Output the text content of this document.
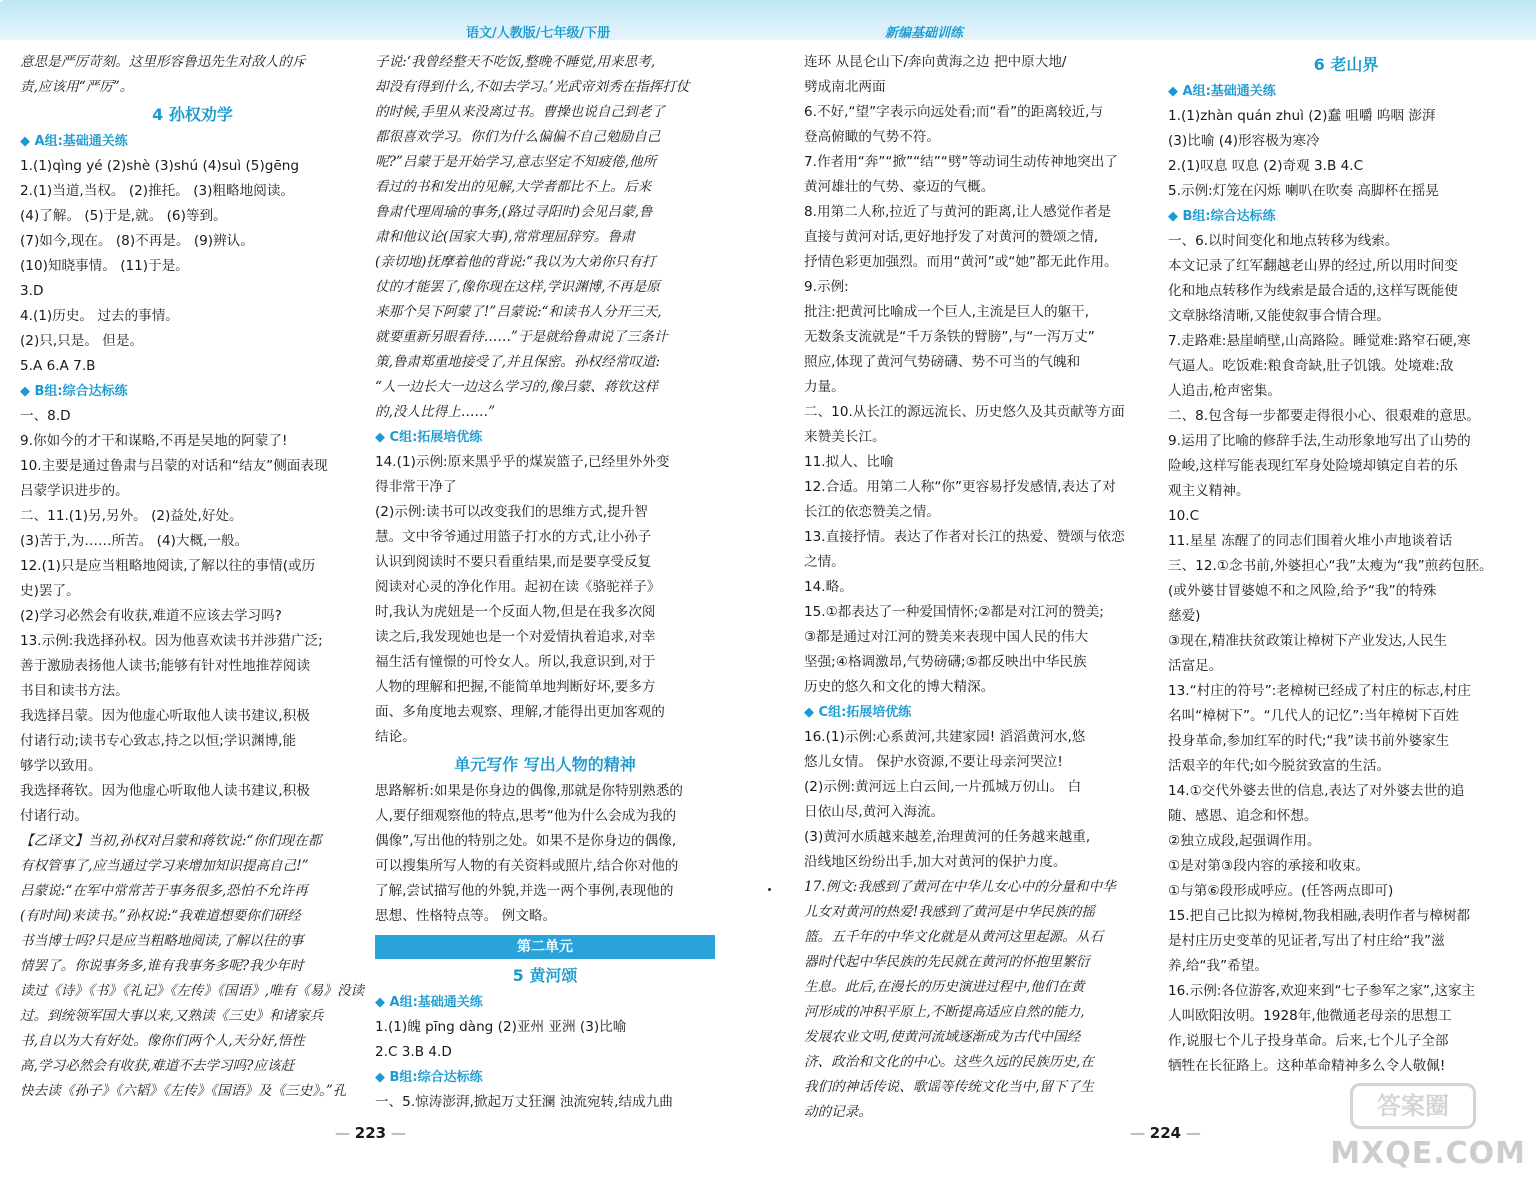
语文/人教版/七年级/下册
意思是严厉苛刻。这里形容鲁迅先生对敌人的斥
责,应该用“严厉”。
4 孙权劝学
◆ A组:基础通关练
1.(1)qìng yé (2)shè (3)shú (4)suì (5)gēng
2.(1)当道,当权。 (2)推托。 (3)粗略地阅读。
(4)了解。 (5)于是,就。 (6)等到。
(7)如今,现在。 (8)不再是。 (9)辨认。
(10)知晓事情。 (11)于是。
3.D
4.(1)历史。 过去的事情。
(2)只,只是。 但是。
5.A 6.A 7.B
◆ B组:综合达标练
一、8.D
9.你如今的才干和谋略,不再是吴地的阿蒙了!
10.主要是通过鲁肃与吕蒙的对话和“结友”侧面表现
吕蒙学识进步的。
二、11.(1)另,另外。 (2)益处,好处。
(3)苦于,为……所苦。 (4)大概,一般。
12.(1)只是应当粗略地阅读,了解以往的事情(或历
史)罢了。
(2)学习必然会有收获,难道不应该去学习吗?
13.示例:我选择孙权。因为他喜欢读书并涉猎广泛;
善于激励表扬他人读书;能够有针对性地推荐阅读
书目和读书方法。
我选择吕蒙。因为他虚心听取他人读书建议,积极
付诸行动;读书专心致志,持之以恒;学识渊博,能
够学以致用。
我选择蒋钦。因为他虚心听取他人读书建议,积极
付诸行动。
【乙译文】当初,孙权对吕蒙和蒋钦说:“你们现在都
有权管事了,应当通过学习来增加知识提高自己!”
吕蒙说:“在军中常常苦于事务很多,恐怕不允许再
(有时间)来读书。”孙权说:“我难道想要你们研经
书当博士吗?只是应当粗略地阅读,了解以往的事
情罢了。你说事务多,谁有我事务多呢?我少年时
读过《诗》《书》《礼记》《左传》《国语》,唯有《易》没读
过。到统领军国大事以来,又熟读《三史》和诸家兵
书,自以为大有好处。像你们两个人,天分好,悟性
高,学习必然会有收获,难道不去学习吗?应该赶
快去读《孙子》《六韬》《左传》《国语》及《三史》。”孔
子说:‘我曾经整天不吃饭,整晚不睡觉,用来思考,
却没有得到什么,不如去学习。’光武帝刘秀在指挥打仗
的时候,手里从来没离过书。曹操也说自己到老了
都很喜欢学习。你们为什么偏偏不自己勉励自己
呢?”吕蒙于是开始学习,意志坚定不知疲倦,他所
看过的书和发出的见解,大学者都比不上。后来
鲁肃代理周瑜的事务,(路过寻阳时)会见吕蒙,鲁
肃和他议论(国家大事),常常理屈辞穷。鲁肃
(亲切地)抚摩着他的背说:“我以为大弟你只有打
仗的才能罢了,像你现在这样,学识渊博,不再是原
来那个吴下阿蒙了!”吕蒙说:“和读书人分开三天,
就要重新另眼看待……”于是就给鲁肃说了三条计
策,鲁肃郑重地接受了,并且保密。孙权经常叹道:
“人一边长大一边这么学习的,像吕蒙、蒋钦这样
的,没人比得上……”
◆ C组:拓展培优练
14.(1)示例:原来黑乎乎的煤炭篮子,已经里外外变
得非常干净了
(2)示例:读书可以改变我们的思维方式,提升智
慧。文中爷爷通过用篮子打水的方式,让小孙子
认识到阅读时不要只看重结果,而是要享受反复
阅读对心灵的净化作用。起初在读《骆驼祥子》
时,我认为虎妞是一个反面人物,但是在我多次阅
读之后,我发现她也是一个对爱情执着追求,对幸
福生活有憧憬的可怜女人。所以,我意识到,对于
人物的理解和把握,不能简单地判断好坏,要多方
面、多角度地去观察、理解,才能得出更加客观的
结论。
单元写作 写出人物的精神
思路解析:如果是你身边的偶像,那就是你特别熟悉的
人,要仔细观察他的特点,思考“他为什么会成为我的
偶像”,写出他的特别之处。如果不是你身边的偶像,
可以搜集所写人物的有关资料或照片,结合你对他的
了解,尝试描写他的外貌,并选一两个事例,表现他的
思想、性格特点等。 例文略。
第二单元
5 黄河颂
◆ A组:基础通关练
1.(1)魄 pīng dàng (2)亚州 亚洲 (3)比喻
2.C 3.B 4.D
◆ B组:综合达标练
一、5.惊涛澎湃,掀起万丈狂澜 浊流宛转,结成九曲
— 223 —
新编基础训练
连环 从昆仑山下/奔向黄海之边 把中原大地/
劈成南北两面
6.不好,“望”字表示向远处看;而“看”的距离较近,与
登高俯瞰的气势不符。
7.作者用“奔”“掀”“结”“劈”等动词生动传神地突出了
黄河雄壮的气势、豪迈的气概。
8.用第二人称,拉近了与黄河的距离,让人感觉作者是
直接与黄河对话,更好地抒发了对黄河的赞颂之情,
抒情色彩更加强烈。而用“黄河”或“她”都无此作用。
9.示例:
批注:把黄河比喻成一个巨人,主流是巨人的躯干,
无数条支流就是“千万条铁的臂膀”,与“一泻万丈”
照应,体现了黄河气势磅礴、势不可当的气魄和
力量。
二、10.从长江的源远流长、历史悠久及其贡献等方面
来赞美长江。
11.拟人、比喻
12.合适。用第二人称“你”更容易抒发感情,表达了对
长江的依恋赞美之情。
13.直接抒情。表达了作者对长江的热爱、赞颂与依恋
之情。
14.略。
15.①都表达了一种爱国情怀;②都是对江河的赞美;
③都是通过对江河的赞美来表现中国人民的伟大
坚强;④格调激昂,气势磅礴;⑤都反映出中华民族
历史的悠久和文化的博大精深。
◆ C组:拓展培优练
16.(1)示例:心系黄河,共建家园! 滔滔黄河水,悠
悠儿女情。 保护水资源,不要让母亲河哭泣!
(2)示例:黄河远上白云间,一片孤城万仞山。 白
日依山尽,黄河入海流。
(3)黄河水质越来越差,治理黄河的任务越来越重,
沿线地区纷纷出手,加大对黄河的保护力度。
17.例文:我感到了黄河在中华儿女心中的分量和中华
儿女对黄河的热爱!我感到了黄河是中华民族的摇
篮。五千年的中华文化就是从黄河这里起源。从石
器时代起中华民族的先民就在黄河的怀抱里繁衍
生息。此后,在漫长的历史演进过程中,他们在黄
河形成的冲积平原上,不断提高适应自然的能力,
发展农业文明,使黄河流域逐渐成为古代中国经
济、政治和文化的中心。这些久远的民族历史,在
我们的神话传说、歌谣等传统文化当中,留下了生
动的记录。
6 老山界
◆ A组:基础通关练
1.(1)zhàn quán zhuì (2)蠢 咀嚼 呜咽 澎湃
(3)比喻 (4)形容极为寒冷
2.(1)叹息 叹息 (2)奇观 3.B 4.C
5.示例:灯笼在闪烁 喇叭在吹奏 高脚杯在摇晃
◆ B组:综合达标练
一、6.以时间变化和地点转移为线索。
本文记录了红军翻越老山界的经过,所以用时间变
化和地点转移作为线索是最合适的,这样写既能使
文章脉络清晰,又能使叙事合情合理。
7.走路难:悬崖峭壁,山高路险。睡觉难:路窄石硬,寒
气逼人。吃饭难:粮食奇缺,肚子饥饿。处境难:敌
人追击,枪声密集。
二、8.包含每一步都要走得很小心、很艰难的意思。
9.运用了比喻的修辞手法,生动形象地写出了山势的
险峻,这样写能表现红军身处险境却镇定自若的乐
观主义精神。
10.C
11.星星 冻醒了的同志们围着火堆小声地谈着话
三、12.①念书前,外婆担心“我”太瘦为“我”煎药包胚。
(或外婆甘冒婆媳不和之风险,给予“我”的特殊
慈爱)
③现在,精准扶贫政策让樟树下产业发达,人民生
活富足。
13.“村庄的符号”:老樟树已经成了村庄的标志,村庄
名叫“樟树下”。“几代人的记忆”:当年樟树下百姓
投身革命,参加红军的时代;“我”读书前外婆家生
活艰辛的年代;如今脱贫致富的生活。
14.①交代外婆去世的信息,表达了对外婆去世的追
随、感恩、追念和怀想。
②独立成段,起强调作用。
①是对第③段内容的承接和收束。
①与第⑥段形成呼应。(任答两点即可)
15.把自己比拟为樟树,物我相融,表明作者与樟树都
是村庄历史变革的见证者,写出了村庄给“我”滋
养,给“我”希望。
16.示例:各位游客,欢迎来到“七子参军之家”,这家主
人叫欧阳汝明。1928年,他微通老母亲的思想工
作,说服七个儿子投身革命。后来,七个儿子全部
牺牲在长征路上。这种革命精神多么令人敬佩!
— 224 —
答案圈
MXQE.COM
